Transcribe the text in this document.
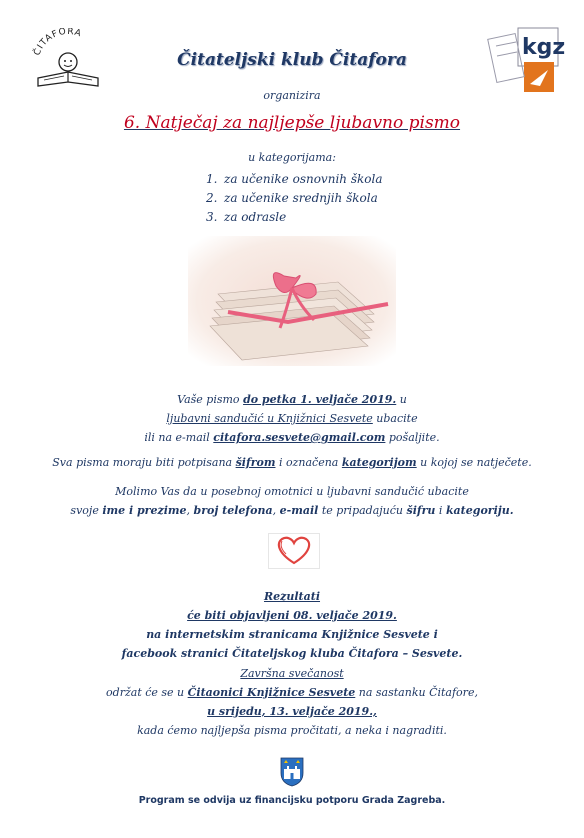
ČITAFORA
kgz
Čitateljski klub Čitafora
organizira
6. Natječaj za najljepše ljubavno pismo
u kategorijama:
1. za učenike osnovnih škola
2. za učenike srednjih škola
3. za odrasle
Vaše pismo do petka 1. veljače 2019. u
ljubavni sandučić u Knjižnici Sesvete ubacite
ili na e-mail citafora.sesvete@gmail.com pošaljite.
Sva pisma moraju biti potpisana šifrom i označena kategorijom u kojoj se natječete.
Molimo Vas da u posebnoj omotnici u ljubavni sandučić ubacite
svoje ime i prezime, broj telefona, e-mail te pripadajuću šifru i kategoriju.
Rezultati
će biti objavljeni 08. veljače 2019.
na internetskim stranicama Knjižnice Sesvete i
facebook stranici Čitateljskog kluba Čitafora – Sesvete.
Završna svečanost
održat će se u Čitaonici Knjižnice Sesvete na sastanku Čitafore,
u srijedu, 13. veljače 2019.,
kada ćemo najljepša pisma pročitati, a neka i nagraditi.
Program se odvija uz financijsku potporu Grada Zagreba.
